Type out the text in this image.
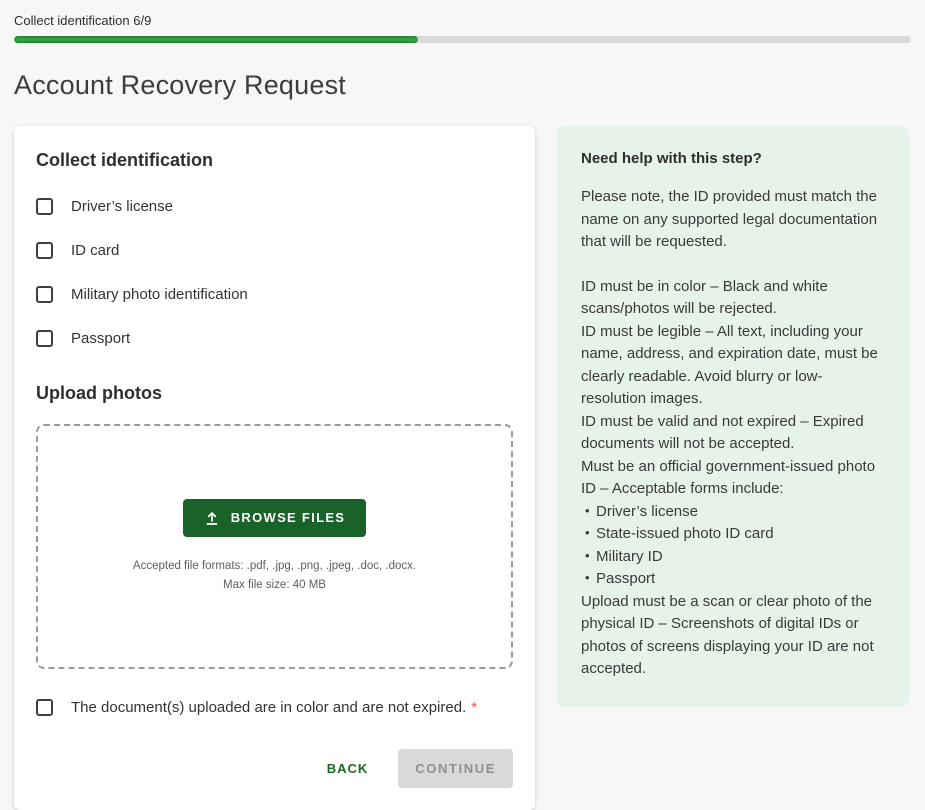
Collect identification 6/9
Account Recovery Request
Collect identification
Driver’s license
ID card
Military photo identification
Passport
Upload photos
BROWSE FILES
Accepted file formats: .pdf, .jpg, .png, .jpeg, .doc, .docx.
Max file size: 40 MB
The document(s) uploaded are in color and are not expired. *
BACK	CONTINUE
Need help with this step?
Please note, the ID provided must match the name on any supported legal documentation that will be requested.
ID must be in color – Black and white scans/photos will be rejected.
ID must be legible – All text, including your name, address, and expiration date, must be clearly readable. Avoid blurry or low-resolution images.
ID must be valid and not expired – Expired documents will not be accepted.
Must be an official government-issued photo ID – Acceptable forms include:
• Driver’s license
• State-issued photo ID card
• Military ID
• Passport
Upload must be a scan or clear photo of the physical ID – Screenshots of digital IDs or photos of screens displaying your ID are not accepted.
